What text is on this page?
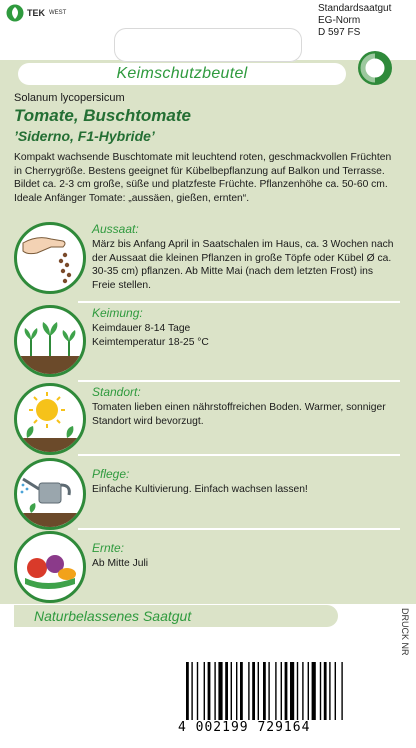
TEK WEST	Standardsaatgut
EG-Norm
D 597 FS
Keimschutzbeutel
Solanum lycopersicum
Tomate, Buschtomate
’Siderno, F1-Hybride’
Kompakt wachsende Buschtomate mit leuchtend roten, geschmackvollen Früchten in Cherrygröße. Bestens geeignet für Kübelbepflanzung auf Balkon und Terrasse. Bildet ca. 2-3 cm große, süße und platzfeste Früchte. Pflanzenhöhe ca. 50-60 cm. Ideale Anfänger Tomate: „aussäen, gießen, ernten“.
Aussaat:
März bis Anfang April in Saatschalen im Haus, ca. 3 Wochen nach der Aussaat die kleinen Pflanzen in große Töpfe oder Kübel Ø ca. 30-35 cm) pflanzen. Ab Mitte Mai (nach dem letzten Frost) ins Freie stellen.
Keimung:
Keimdauer 8-14 Tage
Keimtemperatur 18-25 °C
Standort:
Tomaten lieben einen nährstoffreichen Boden. Warmer, sonniger Standort wird bevorzugt.
Pflege:
Einfache Kultivierung. Einfach wachsen lassen!
Ernte:
Ab Mitte Juli
Naturbelassenes Saatgut	DRUCK NR
4 002199 729164
